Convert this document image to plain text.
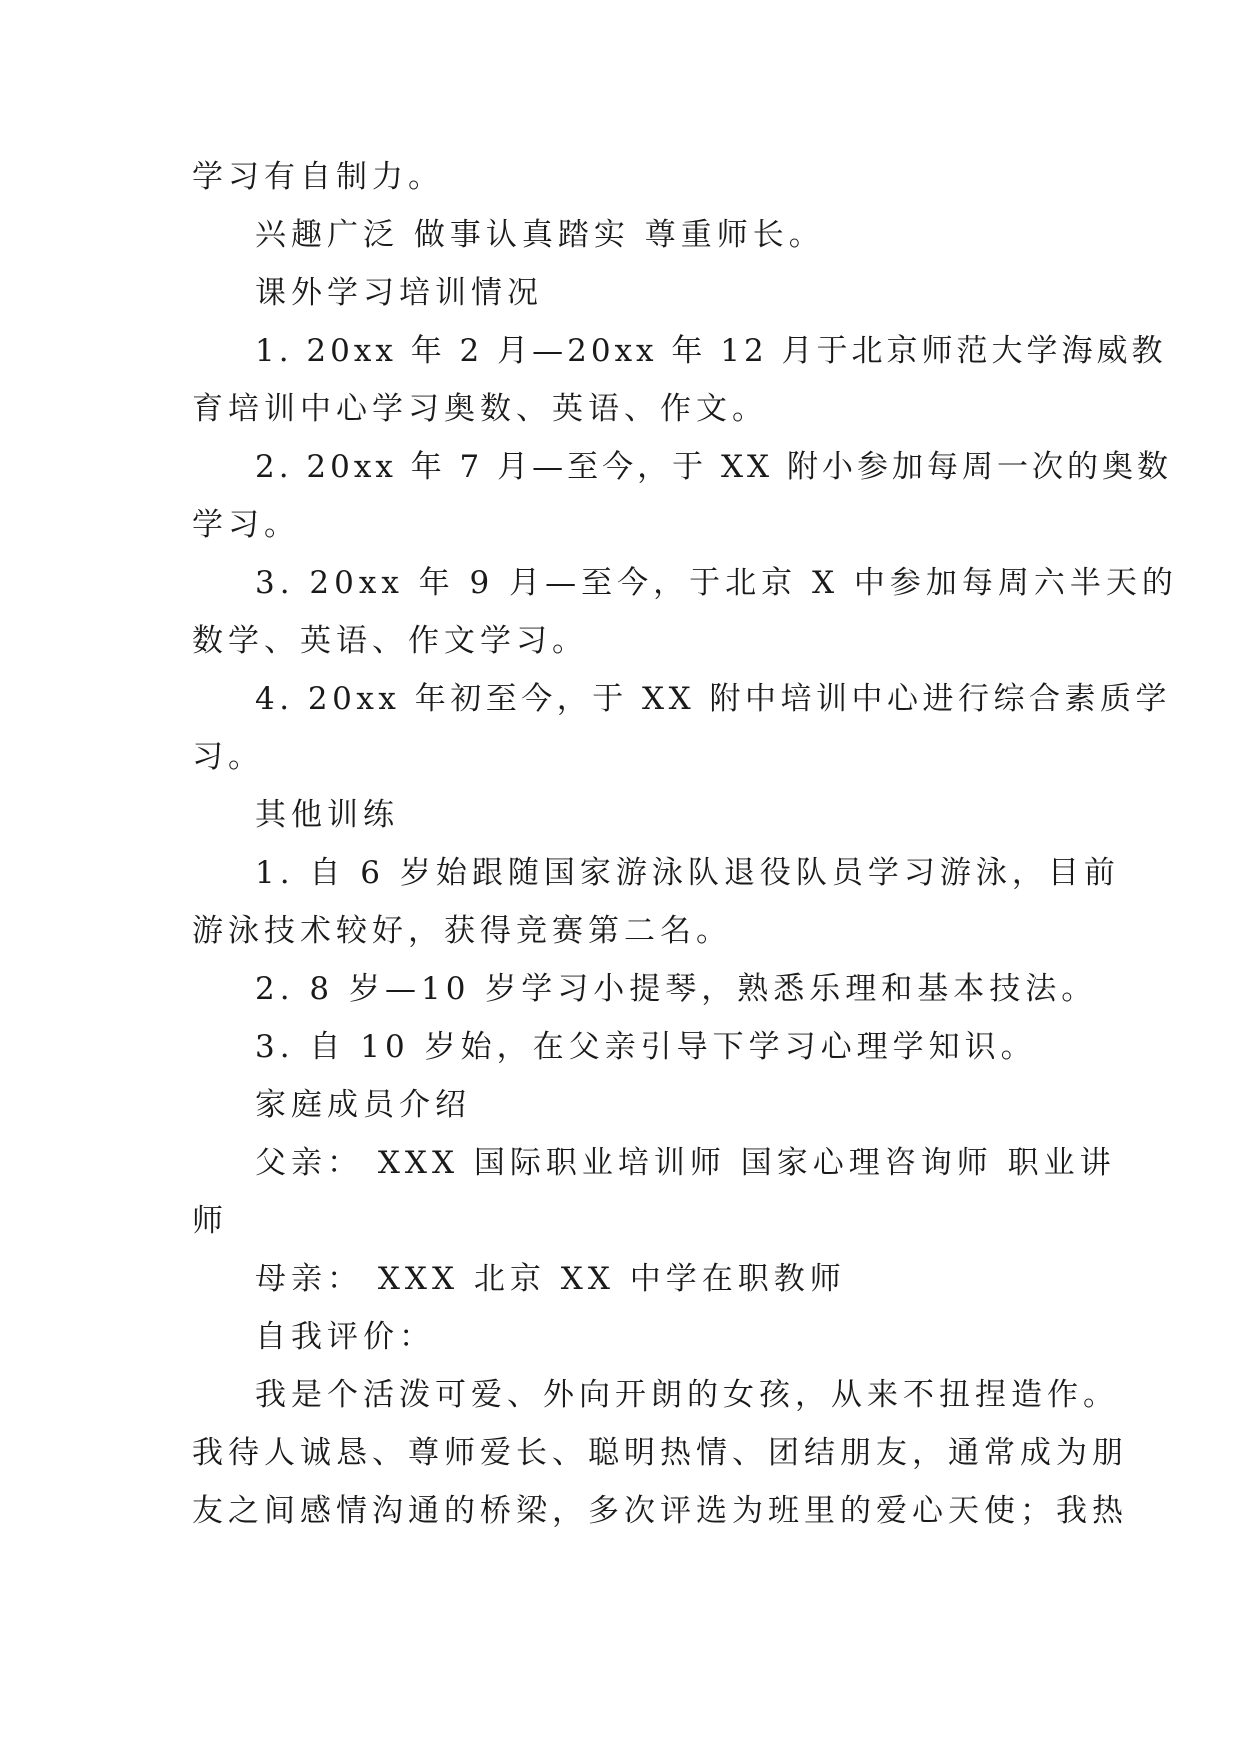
学习有自制力。
兴趣广泛 做事认真踏实 尊重师长。
课外学习培训情况
1. 20xx 年 2 月—20xx 年 12 月于北京师范大学海威教
育培训中心学习奥数、英语、作文。
2. 20xx 年 7 月—至今，于 XX 附小参加每周一次的奥数
学习。
3. 20xx 年 9 月—至今，于北京 X 中参加每周六半天的
数学、英语、作文学习。
4. 20xx 年初至今，于 XX 附中培训中心进行综合素质学
习。
其他训练
1. 自 6 岁始跟随国家游泳队退役队员学习游泳，目前
游泳技术较好，获得竞赛第二名。
2. 8 岁—10 岁学习小提琴，熟悉乐理和基本技法。
3. 自 10 岁始，在父亲引导下学习心理学知识。
家庭成员介绍
父亲： XXX 国际职业培训师 国家心理咨询师 职业讲
师
母亲： XXX 北京 XX 中学在职教师
自我评价：
我是个活泼可爱、外向开朗的女孩，从来不扭捏造作。
我待人诚恳、尊师爱长、聪明热情、团结朋友，通常成为朋
友之间感情沟通的桥梁，多次评选为班里的爱心天使；我热
